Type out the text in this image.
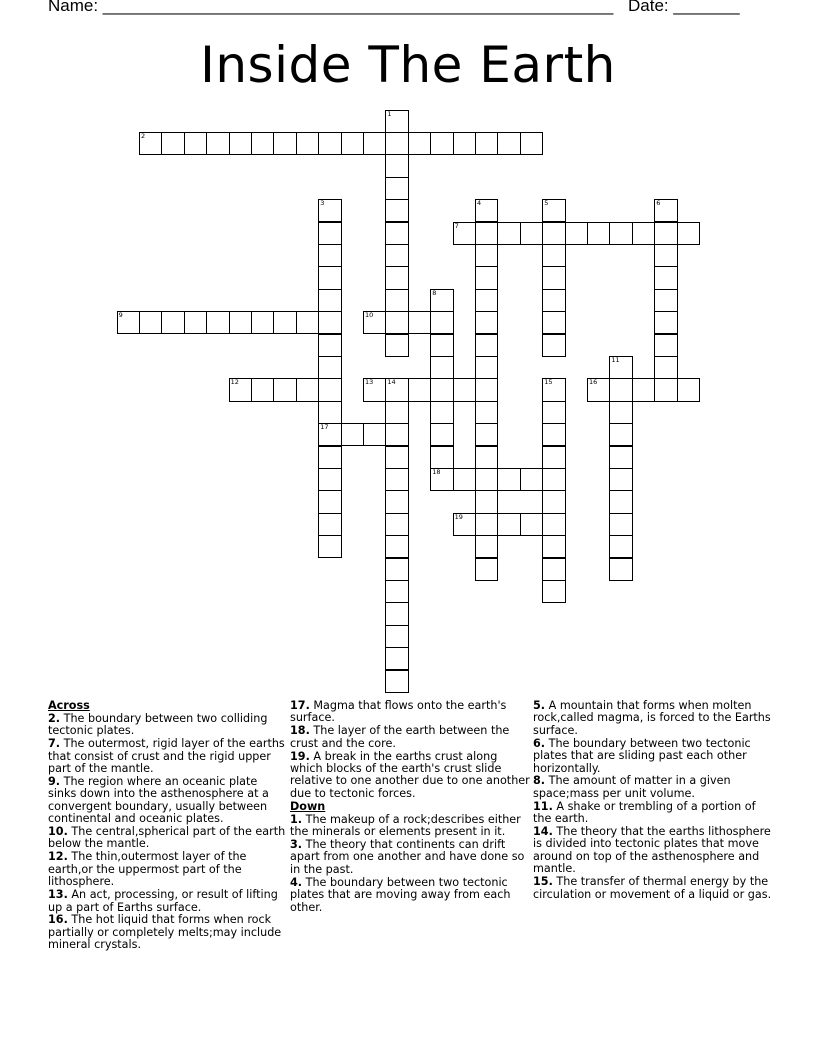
Name: ______________________________________________________ Date: _______
Inside The Earth
2
1
3
17
4	5	6
7
8
9	10
11
12	13 14	15	16
18
19

Across

2. The boundary between two colliding tectonic plates.

7. The outermost, rigid layer of the earths that consist of crust and the rigid upper part of the mantle.

9. The region where an oceanic plate sinks down into the asthenosphere at a convergent boundary, usually between continental and oceanic plates.

10. The central,spherical part of the earth below the mantle.

12. The thin,outermost layer of the earth,or the uppermost part of the lithosphere.

13. An act, processing, or result of lifting up a part of Earths surface.

16. The hot liquid that forms when rock partially or completely melts;may include mineral crystals.

17. Magma that flows onto the earth's surface.

18. The layer of the earth between the crust and the core.

19. A break in the earths crust along which blocks of the earth's crust slide relative to one another due to one another due to tectonic forces.

Down

1. The makeup of a rock;describes either the minerals or elements present in it.

3. The theory that continents can drift apart from one another and have done so in the past.

4. The boundary between two tectonic plates that are moving away from each other.

5. A mountain that forms when molten rock,called magma, is forced to the Earths surface.

6. The boundary between two tectonic plates that are sliding past each other horizontally.

8. The amount of matter in a given space;mass per unit volume.

11. A shake or trembling of a portion of the earth.

14. The theory that the earths lithosphere is divided into tectonic plates that move around on top of the asthenosphere and mantle.

15. The transfer of thermal energy by the circulation or movement of a liquid or gas.
